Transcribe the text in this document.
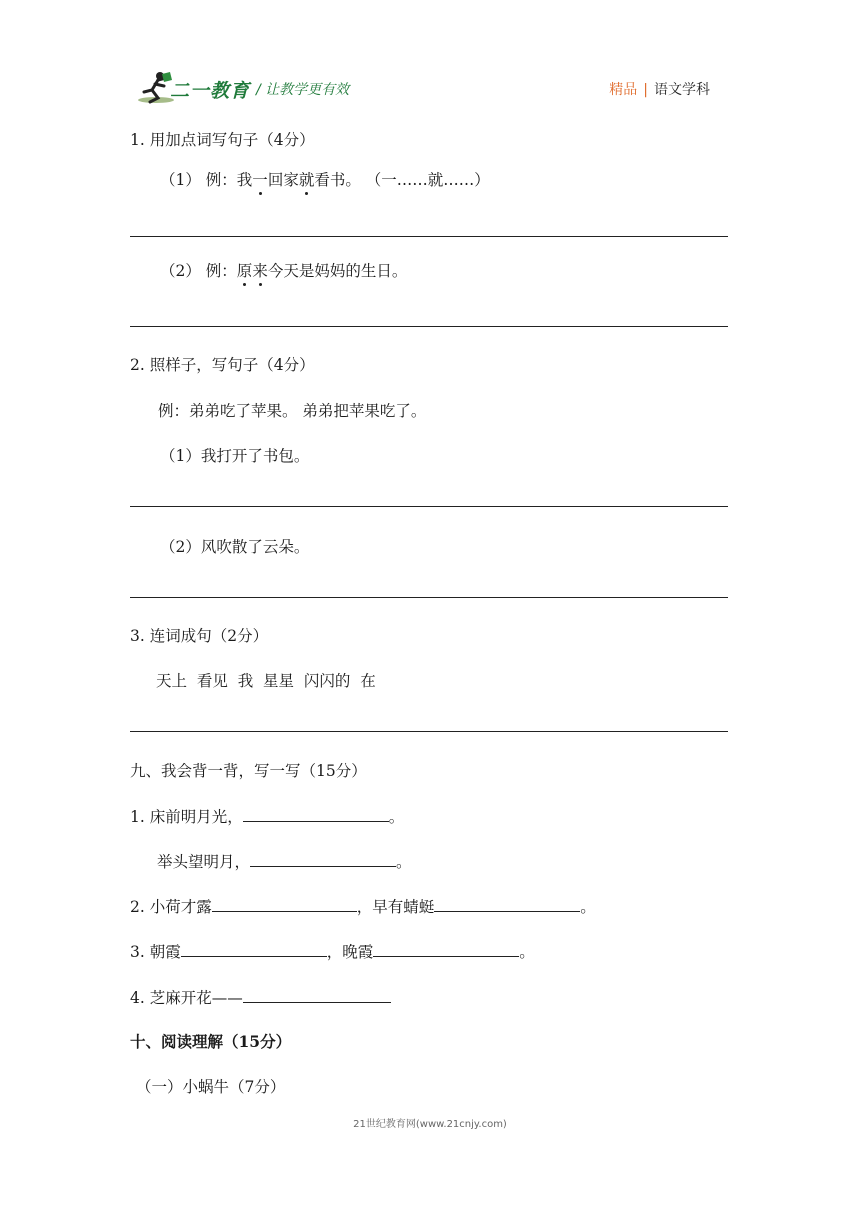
二一教育 / 让教学更有效	精品 | 语文学科
1. 用加点词写句子（4分）
（1） 例：我一回家就看书。 （一……就……）
（2） 例：原来今天是妈妈的生日。
2. 照样子，写句子（4分）
例：弟弟吃了苹果。 弟弟把苹果吃了。
（1）我打开了书包。
（2）风吹散了云朵。
3. 连词成句（2分）
天上  看见  我  星星  闪闪的  在
九、我会背一背，写一写（15分）
1. 床前明月光，	。
举头望明月，	。
2. 小荷才露	，早有蜻蜓	。
3. 朝霞	，晚霞	。
4. 芝麻开花——
十、阅读理解（15分）
（一）小蜗牛（7分）
21世纪教育网(www.21cnjy.com)
